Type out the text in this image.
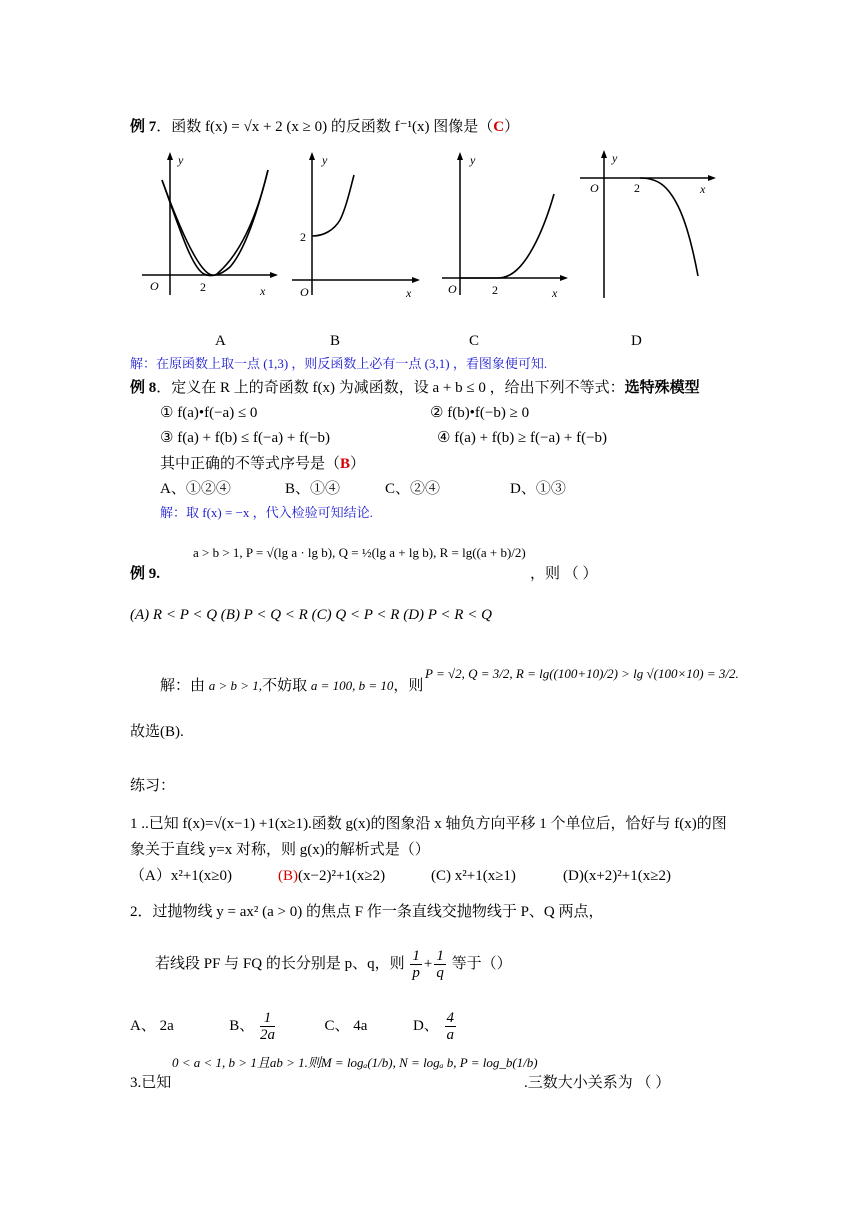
例 7．函数 f(x) = √x + 2 (x ≥ 0) 的反函数 f⁻¹(x) 图像是（C）
y
O	2	x
y
2
O	x
y
O	2	x
y
O	2	x
A	B	C	D
解：在原函数上取一点 (1,3) ，则反函数上必有一点 (3,1) ，看图象便可知.
例 8．定义在 R 上的奇函数 f(x) 为减函数，设 a + b ≤ 0 ，给出下列不等式：选特殊模型
① f(a)•f(−a) ≤ 0	② f(b)•f(−b) ≥ 0
③ f(a) + f(b) ≤ f(−a) + f(−b)	④ f(a) + f(b) ≥ f(−a) + f(−b)
其中正确的不等式序号是（B）
A、①②④	B、①④	C、②④	D、①③
解：取 f(x) = −x ，代入检验可知结论.
a > b > 1, P = √(lg a · lg b), Q = ½(lg a + lg b), R = lg((a + b)/2)
例 9.	，则 （ ）
(A) R < P < Q (B) P < Q < R (C) Q < P < R (D) P < R < Q
解：由 a > b > 1,不妨取 a = 100, b = 10，则
P = √2, Q = 3/2, R = lg((100+10)/2) > lg √(100×10) = 3/2.
故选(B).
练习：
1 ..已知 f(x)=√(x−1) +1(x≥1).函数 g(x)的图象沿 x 轴负方向平移 1 个单位后，恰好与 f(x)的图
象关于直线 y=x 对称，则 g(x)的解析式是（）
（A）x²+1(x≥0)	(B)(x−2)²+1(x≥2)	(C) x²+1(x≥1)	(D)(x+2)²+1(x≥2)
2．过抛物线 y = ax² (a > 0) 的焦点 F 作一条直线交抛物线于 P、Q 两点，
若线段 PF 与 FQ 的长分别是 p、q，则 $\frac{1}{p} + \frac{1}{q}$ 等于（）
A、 2a	B、 $\frac{1}{2a}$	C、 4a	D、 $\frac{4}{a}$
0 < a < 1, b > 1且ab > 1.则M = logₐ(1/b), N = logₐ b, P = log_b(1/b)
3.已知	.三数大小关系为 （ ）
